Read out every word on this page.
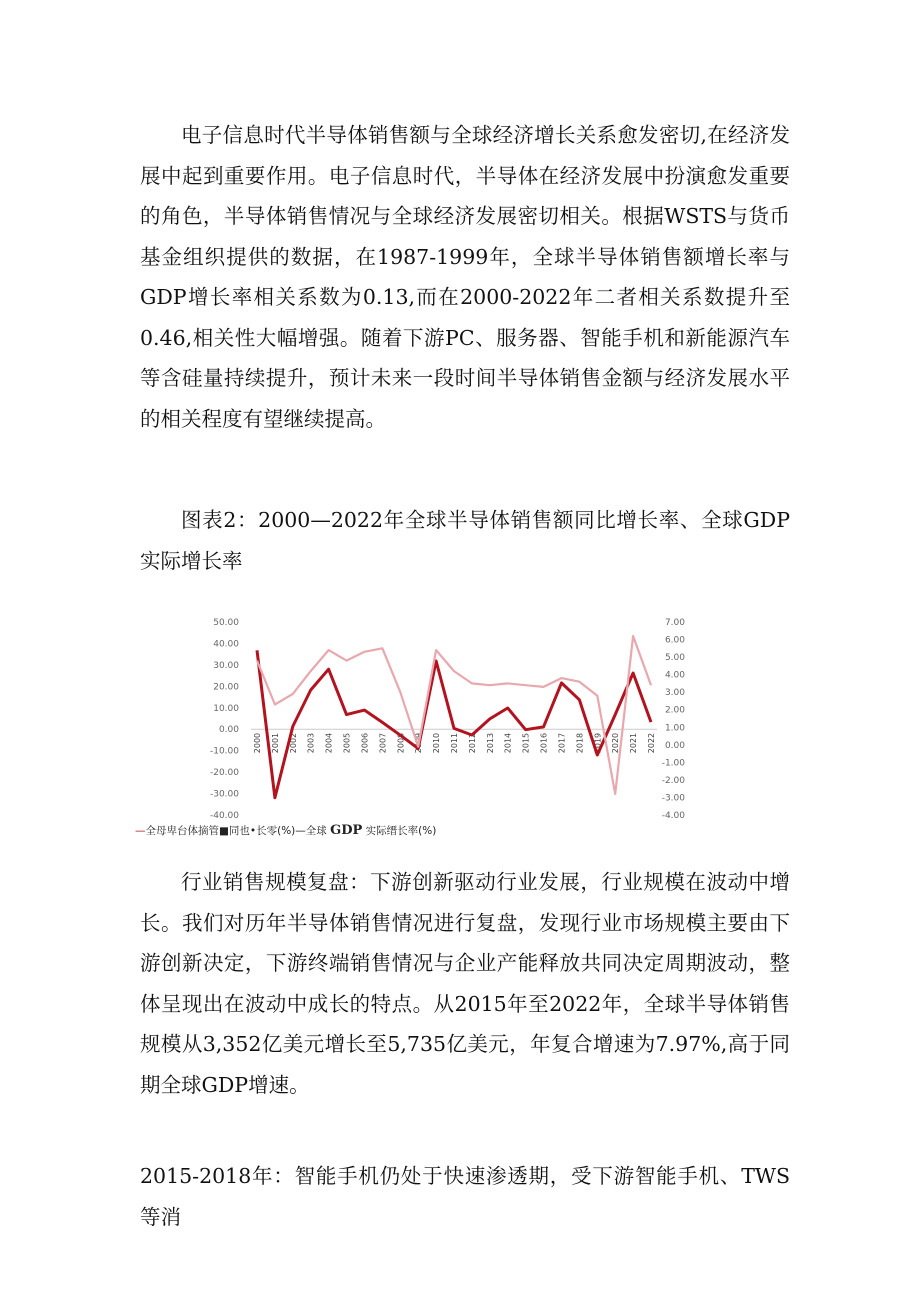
电子信息时代半导体销售额与全球经济增长关系愈发密切,在经济发展中起到重要作用。电子信息时代，半导体在经济发展中扮演愈发重要的角色，半导体销售情况与全球经济发展密切相关。根据WSTS与货币基金组织提供的数据，在1987-1999年，全球半导体销售额增长率与GDP增长率相关系数为0.13,而在2000-2022年二者相关系数提升至0.46,相关性大幅增强。随着下游PC、服务器、智能手机和新能源汽车等含硅量持续提升，预计未来一段时间半导体销售金额与经济发展水平的相关程度有望继续提高。

图表2：2000—2022年全球半导体销售额同比增长率、全球GDP实际增长率

50.00
40.00
30.00
20.00
10.00
0.00
-10.00
-20.00
-30.00
-40.00
7.00
6.00
5.00
4.00
3.00
2.00
1.00
0.00
-1.00
-2.00
-3.00
-4.00
2000 2001 2002 2003 2004 2005 2006 2007 2008 2009 2010 2011 2012 2013 2014 2015 2016 2017 2018 2019 2020 2021 2022
—全母卑台体摘管■同也•长零(%)—全球 GDP 实际缙长率(%)

行业销售规模复盘：下游创新驱动行业发展，行业规模在波动中增长。我们对历年半导体销售情况进行复盘，发现行业市场规模主要由下游创新决定，下游终端销售情况与企业产能释放共同决定周期波动，整体呈现出在波动中成长的特点。从2015年至2022年，全球半导体销售规模从3,352亿美元增长至5,735亿美元，年复合增速为7.97%,高于同期全球GDP增速。

2015-2018年：智能手机仍处于快速渗透期，受下游智能手机、TWS等消
